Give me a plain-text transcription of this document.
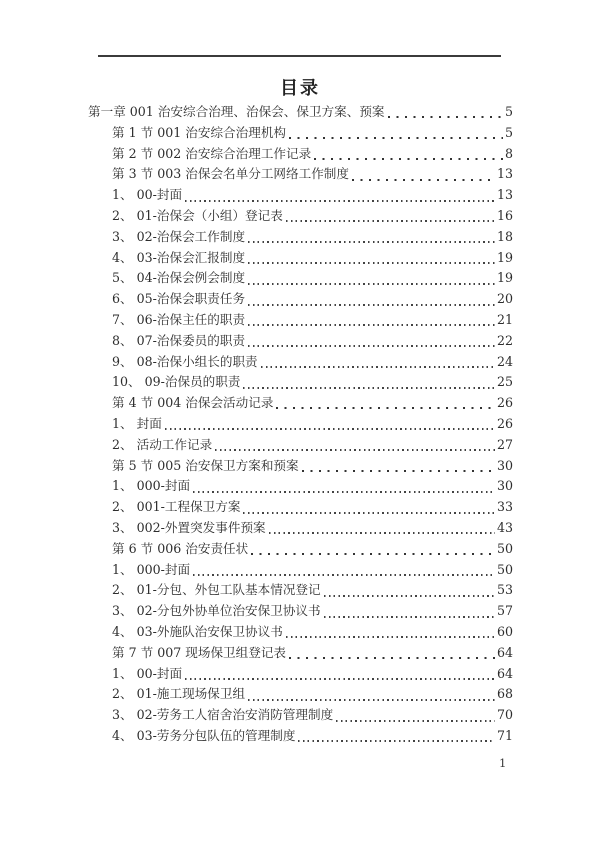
目录
第一章 001 治安综合治理、治保会、保卫方案、预案	5
第 1 节 001 治安综合治理机构	5
第 2 节 002 治安综合治理工作记录	8
第 3 节 003 治保会名单分工网络工作制度	13
1、 00-封面	13
2、 01-治保会（小组）登记表	16
3、 02-治保会工作制度	18
4、 03-治保会汇报制度	19
5、 04-治保会例会制度	19
6、 05-治保会职责任务	20
7、 06-治保主任的职责	21
8、 07-治保委员的职责	22
9、 08-治保小组长的职责	24
10、 09-治保员的职责	25
第 4 节 004 治保会活动记录	26
1、 封面	26
2、 活动工作记录	27
第 5 节 005 治安保卫方案和预案	30
1、 000-封面	30
2、 001-工程保卫方案	33
3、 002-外置突发事件预案	43
第 6 节 006 治安责任状	50
1、 000-封面	50
2、 01-分包、外包工队基本情况登记	53
3、 02-分包外协单位治安保卫协议书	57
4、 03-外施队治安保卫协议书	60
第 7 节 007 现场保卫组登记表	64
1、 00-封面	64
2、 01-施工现场保卫组	68
3、 02-劳务工人宿舍治安消防管理制度	70
4、 03-劳务分包队伍的管理制度	71
1
